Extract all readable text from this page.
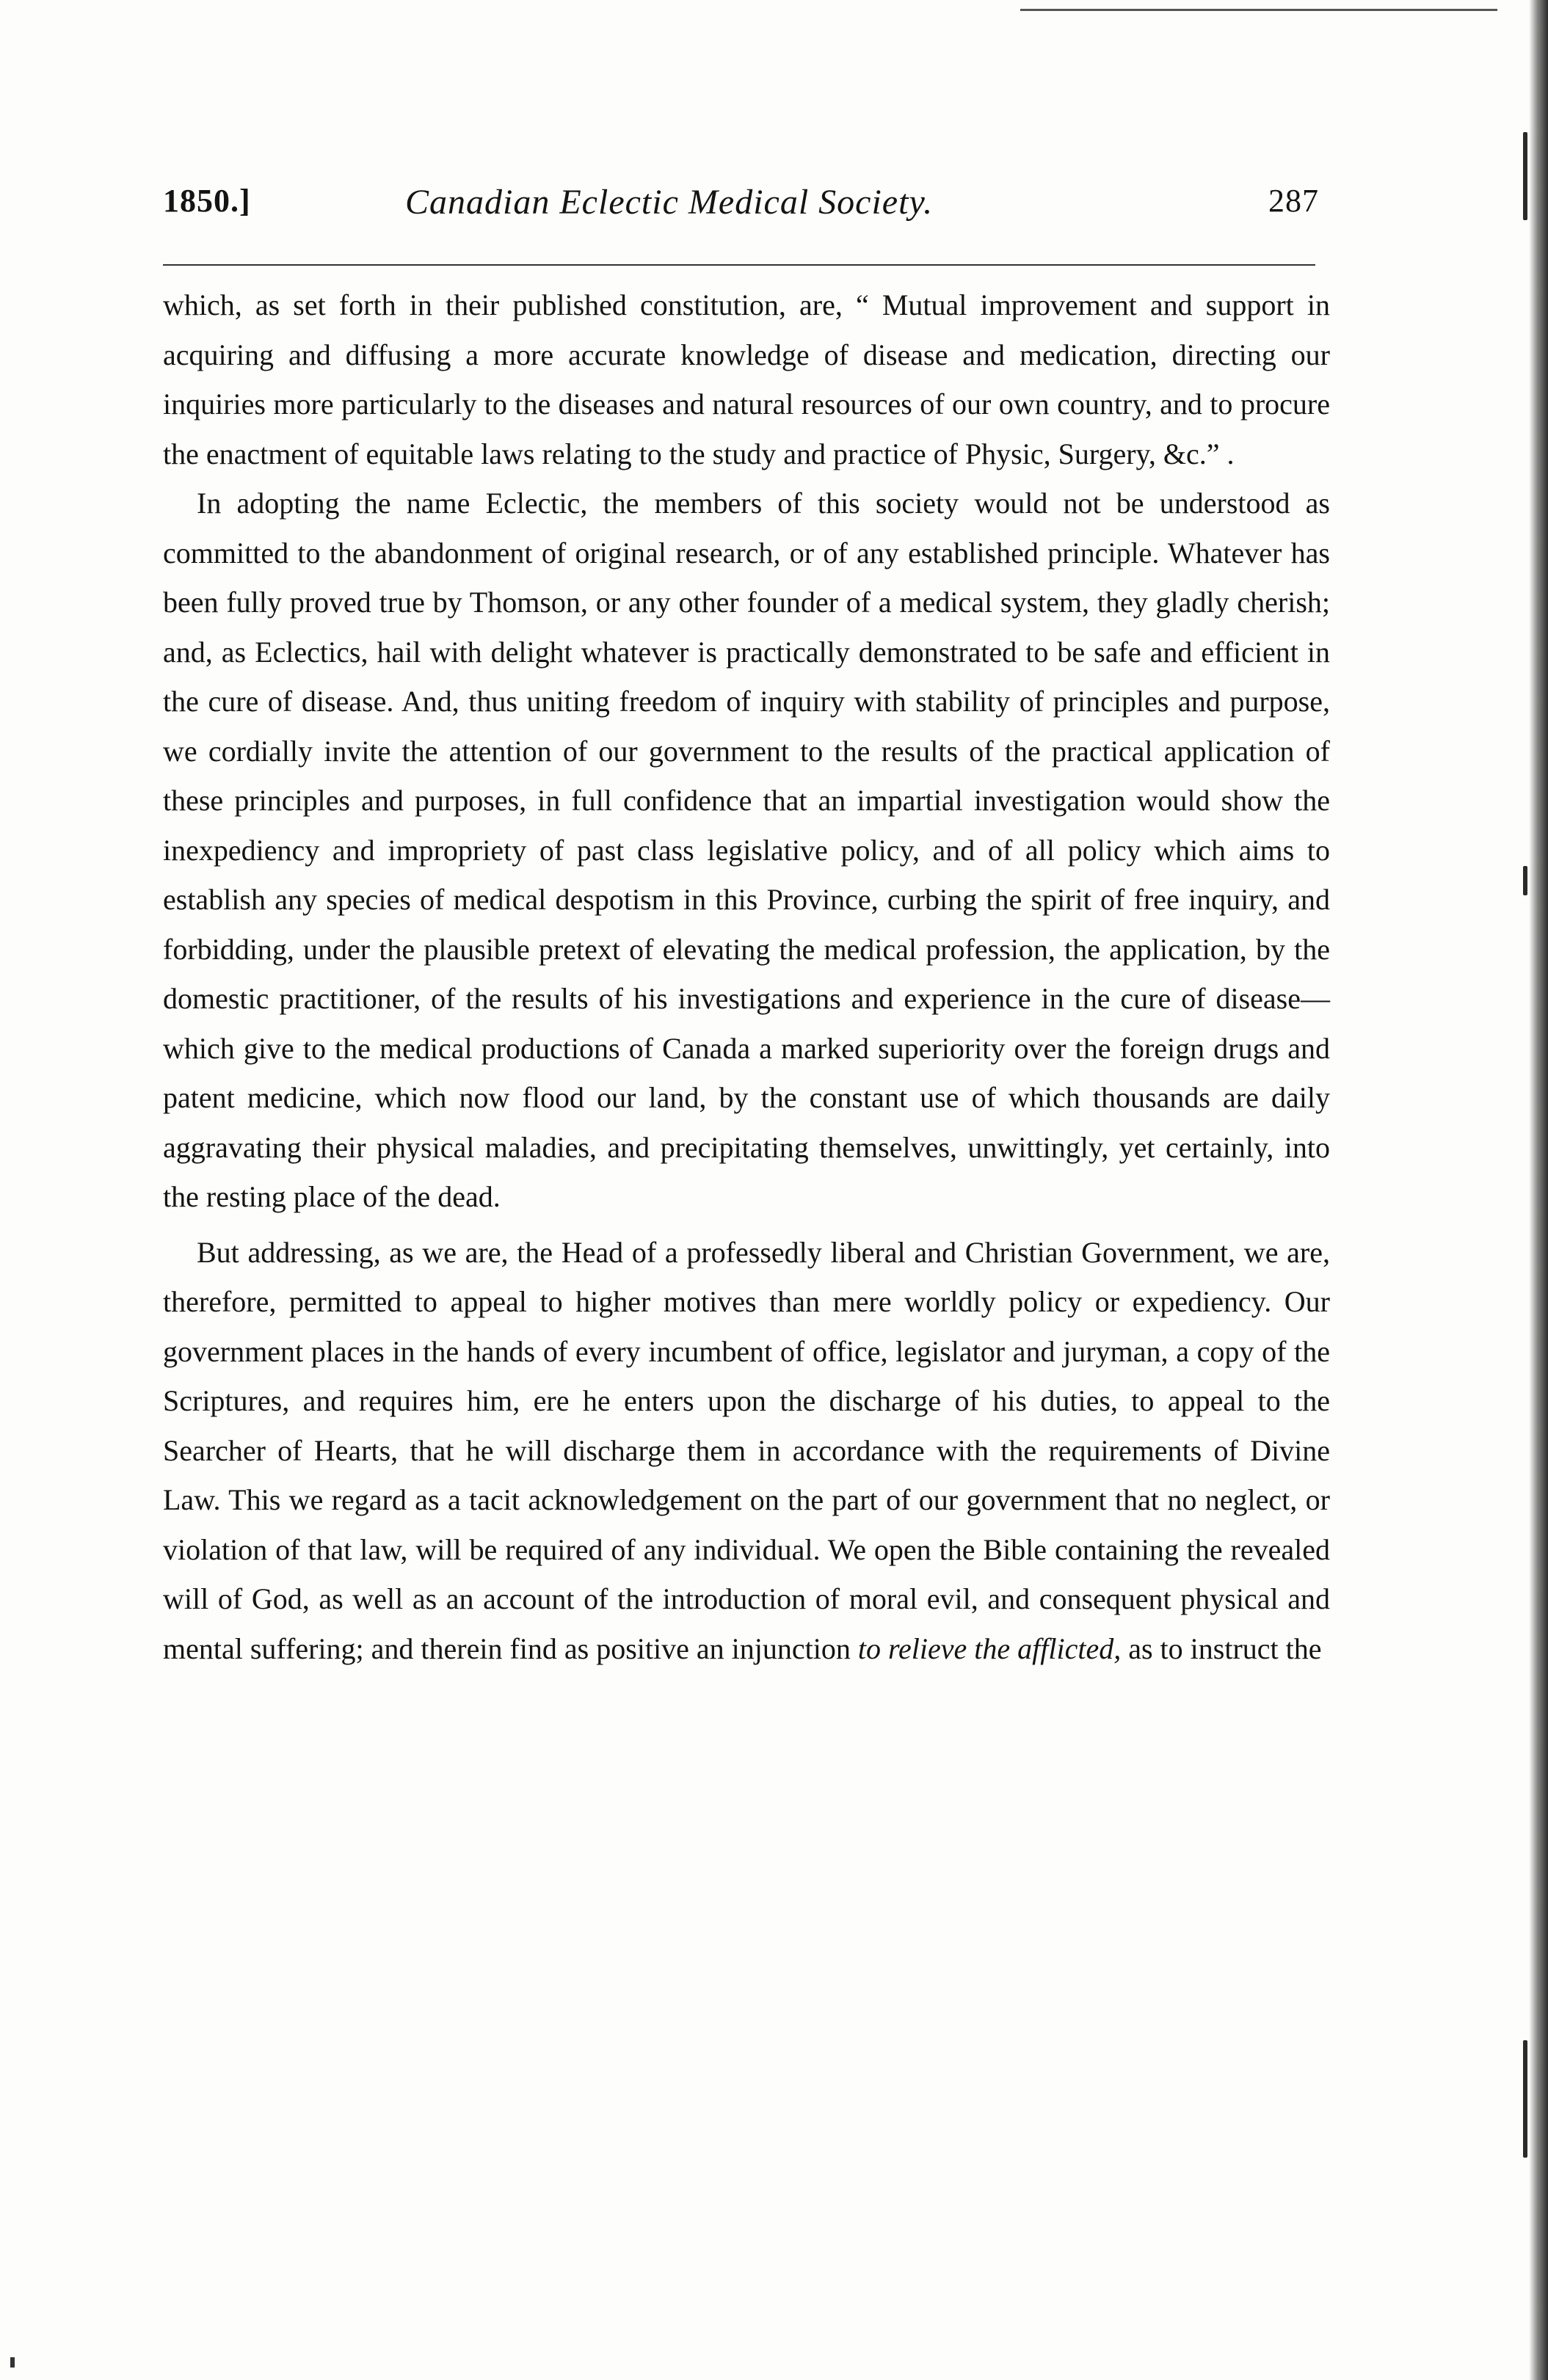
1850.]	Canadian Eclectic Medical Society.	287

which, as set forth in their published constitution, are, “ Mutual improvement and support in acquiring and diffusing a more accurate knowledge of disease and medication, directing our inquiries more particularly to the diseases and natural resources of our own country, and to procure the enactment of equitable laws relating to the study and practice of Physic, Surgery, &c.” .

In adopting the name Eclectic, the members of this society would not be understood as committed to the abandonment of original research, or of any established principle. Whatever has been fully proved true by Thomson, or any other founder of a medical system, they gladly cherish; and, as Eclectics, hail with delight whatever is practically demonstrated to be safe and efficient in the cure of disease. And, thus uniting freedom of inquiry with stability of principles and purpose, we cordially invite the attention of our government to the results of the practical application of these principles and purposes, in full confidence that an impartial investigation would show the inexpediency and impropriety of past class legislative policy, and of all policy which aims to establish any species of medical despotism in this Province, curbing the spirit of free inquiry, and forbidding, under the plausible pretext of elevating the medical profession, the application, by the domestic practitioner, of the results of his investigations and experience in the cure of disease—which give to the medical productions of Canada a marked superiority over the foreign drugs and patent medicine, which now flood our land, by the constant use of which thousands are daily aggravating their physical maladies, and precipitating themselves, unwittingly, yet certainly, into the resting place of the dead.

But addressing, as we are, the Head of a professedly liberal and Christian Government, we are, therefore, permitted to appeal to higher motives than mere worldly policy or expediency. Our government places in the hands of every incumbent of office, legislator and juryman, a copy of the Scriptures, and requires him, ere he enters upon the discharge of his duties, to appeal to the Searcher of Hearts, that he will discharge them in accordance with the requirements of Divine Law. This we regard as a tacit acknowledgement on the part of our government that no neglect, or violation of that law, will be required of any individual. We open the Bible containing the revealed will of God, as well as an account of the introduction of moral evil, and consequent physical and mental suffering; and therein find as positive an injunction to relieve the afflicted, as to instruct the
